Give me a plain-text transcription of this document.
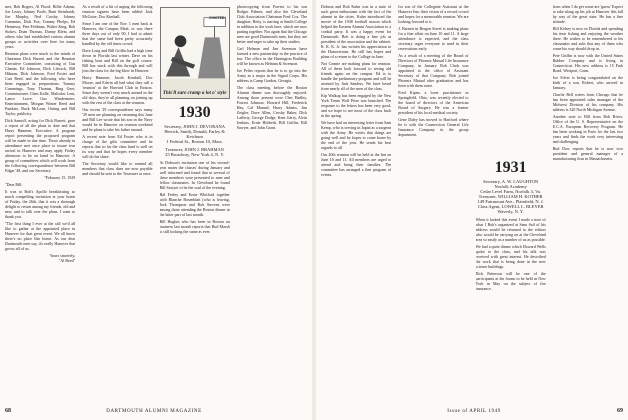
mer, Bob Rogers, Al Flood, Billie Adams, Joe Leary, Johnny Poole, Bunt Steinhardt, Joe Murphy, Ned Crosby, Johnny Cummins, Dick Fox, Tommy Phelps, Ed Hennessy, Pete Feldman, Walter King, Bob Stokes, Doan Thomas, Dunny Klein, and others who had established various alumni groups or activities over here for many years.

Reunion plans were much to the minds of Chairman Dick Barrett and the Reunion Executive Committee, consisting of Gus Chanin, Ed Johnson, Dick Lifwick, Bill Hilman, Dick Johnson, Fred Foster and Curt Reed, and the following who have been engaged in preparations: Tommy Cummings, Tony Thomas, Bing Geer, Commissioner Clem Kalle, Malcolm Lent, Lance Lowe, Gus Windermere, Entertainment, Morgan Winter Reed and Fundato, Buck McLean, Outing and Bill Taylor, publicity.

Dick Sarnoff, acting for Dick Barrett, gave a report of all the plans to date and that Harry Hammer, Executive. A program report presenting the proposed program will be made in due time. Those already in attendance met once place to insure true arrival in Hanover and may apply Friday afternoon to be on hand in Hanover. A group of committees which will work from the following correspondence between Bill Edgar '48, and our Secretary.

"February 15, 1929

"Dear Bill:

It was at Bob's Apollo breakfasting so much compelling invitation at your home of Friday, the 26th, that it was a thorough delight to return among my friends, old and new, and to talk over the plans. I want to thank you.

"The first thing I ever at the call we'd all like to gather at the appointed place in Hanover for that great event. We all know there's no place like home. As our dear Dartmouth men say, it's really Hanover that grows all of us.

Yours sincerely,
"Al Reed"

As a result of a bit of urging the following reunion signees have been added: Jack McGuire, Doc Kimball.

Since I am one of the Nov. 1 men back at Hanover, the Campus Meal, or was there three days out of only 90, I had to admit that the same had been pretty accurately handled by the old timer crowd.

Dave Long and Bill Griffin had a high time down in Florida last winter. Dave on his fishing boat and Bill on the golf course. Bill has stuck with this through and will join the class for the big blow in Hanover.

Harry Hammer, Jacob Kimball, Doc Moore, and Edwin all had what they call a 'reunion' at the Harvard Club in Boston. Since they weren't very much around in the old days, they're all planning on joining up with the rest of the class at the reunion.

Our recent '29 correspondence says many '29 men are planning on returning this June and Bill Lee wrote that his son in the Navy would be in Hanover on reunion weekend and he plans to take his father around.

A recent note from Ed Foster who is in charge of the gifts committee and he reports that so far the class fund is well on its way and that he hopes every member will do his share.

The Secretary would like to remind all members that class dues are now payable and should be sent to the Treasurer at once.

EVICTED!
This'll sure cramp a lot o' style
1930
Secretary, JOHN J. DEVORANA
Herrick, Smith, Donald, Farley & Ketchum
1 Federal St., Boston 10, Mass.
Treasurer, JOHN J. BRAHMAN
25 Broadway, New York 4, N. Y.

At Dobson's invitation one of his second-year mates the classes' during January and well informed and found that in several of these members were presented to men and fellow classmates. In Cleveland he found Bill Sawyer to be the soul of the evening.

Hal Feeley and Ernie Whitford together with Blanche Rosenblatt (who is leaving, Jack Thompson and Bob Stevens were among those attending the Boston dinner in the latter part of last month.

Bill Hughes who has been in Boston on business last month reports that Bud Marsh is still looking the same as ever.

photocopying from Forrest to his son Rodger Palmer, and also the Cleveland Club Association Chairman Fred Cox. The daughter, Betty, is starting at Smith College in addition to the work here, which are now putting together. Not again that the Chicago men are good Dartmouth men, but they are better and eager to take up their studies.

Carl Helman and Jim Swenson have formed a new partnership in the practice of law. The office in the Harrington Building will be known as Helman & Swenson.

Joe Pelter reports that he is to go into the Army as a major in the Signal Corps. His address is Camp Gordon, Georgia.

The class meeting before the Boston Alumni dinner was thoroughly enjoyed. Among those present were Chet Hadley, Forrest Johnson, Howard Hill, Frederick Hay, Cal Manuel, Harry Adams, Jim Zeigler, Dave Allen, Crosby Baker, Dick Lafferty, George Dodge, Kent Gerry, Alvin Jenkins, Ernie Hildreth, Bill Griffin, Bill Sawyer, and John Grant.

68	DARTMOUTH ALUMNI MAGAZINE

Dobson and Bob Kuhn was in a state of such great enthusiasm with the fact of the alumni in the cities. Kuhn introduced the movie of the 1948 football season which helped the Eastern Alumni Association to a cordial party. It was a happy event for Dartmouth. Bob is doing a fine job as president of the association and the cabinet. R. K. K. Jr. has written his appreciation to the Hanoverians. He still has hopes and plans of a return to the College in June.

Not Connie are making plans for reunion. All of them look forward to seeing old friends again on the campus. Ed is to handle the preliminary program and will be assisted by Jack Sanders. We have heard from nearly all of the men of the class.

Kip Walkup has been engaged by the New York Times Wolf Prize was launched. The response to the letters has been very good, and we hope to see most of the class back in the spring.

We have had an interesting letter from Sam Kemp, who is serving in Japan as a surgeon with the Army. He writes that things are going well and he hopes to come home by the end of the year. He sends his best regards to all.

Our 20th reunion will be held at the Inn on June 10 and 11. All members are urged to attend and bring their families. The committee has arranged a fine program of events.

for son of the Collegiate Assistant at the Hanover Inn; their vision of a record crowd and hopes for a memorable reunion. We are looking forward to it.

J. Barnett in Bergen Street is making plans for a fine affair on June 10 and 11. A large attendance is expected, and the class secretary urges everyone to send in their reservations early.

As a result of a meeting of the Board of Directors of Phoenix Mutual Life Insurance Company, in January Bob Clark was appointed to the office of Assistant Secretary of that Company. Bob joined Phoenix Mutual after graduation and has been with them since.

Fred Kipen, a lover practitioner in Springfield, Ohio, was recently elected to the board of directors of the American Board of Surgery. He was a former president of his local medical society.

Gene Daley has moved to Hartford where he is with the Connecticut General Life Insurance Company in the group department.

1931
Secretary, A. W. LAUGHTON
Norfolk Academy
Cedar Level Farm, Norfolk 3, Va.
Treasurer, WILLIAM H. KOTHER
149 Fairmount Ave., Plainfield, N. J.
Class Agent, LOWELL L. BLEYER
Waverly, N. Y.

When it lacked this event I made a note of what I Bob's organized at Sans Sail of his address would be returned to the editors who would be carrying on at the Cleveland area so easily as a number of us as possible.

We had a quite dinner which Howard Wells spoke to the class, and his talk was received with great interest. He described the work that is being done in the new science buildings.

Dick Patterson will be one of the participants at the forum to be held in New York in May on the subject of fire insurance.

from when I do get some are 'guess' Expect to take along up his job at Hanover this fall by way of the great state. He has a fine attitude.

Bill Kelsey is now in Florida and spending his time fishing and enjoying the weather there. He wishes to be remembered to his classmates and asks that any of them who come his way should drop in.

Pete Griffin is now with the United States Rubber Company and is living in Connecticut. His new address is 15 Park Road, Westport, Conn.

Joe Silver is being congratulated on the birth of a son, Robert, who arrived in January.

Charlie Bell writes from Chicago that he has been appointed sales manager of the Midwest Division of his company. His address is 320 North Michigan Avenue.

Another note to Bill from Bob Rives: Office of the U. S. Representative on the E.C.A. European Recovery Program. He has been working in Paris for the last two years and finds the work very interesting and challenging.

Bud Dow reports that he is now vice president and general manager of a manufacturing firm in Massachusetts.

Issue of APRIL 1949	69
